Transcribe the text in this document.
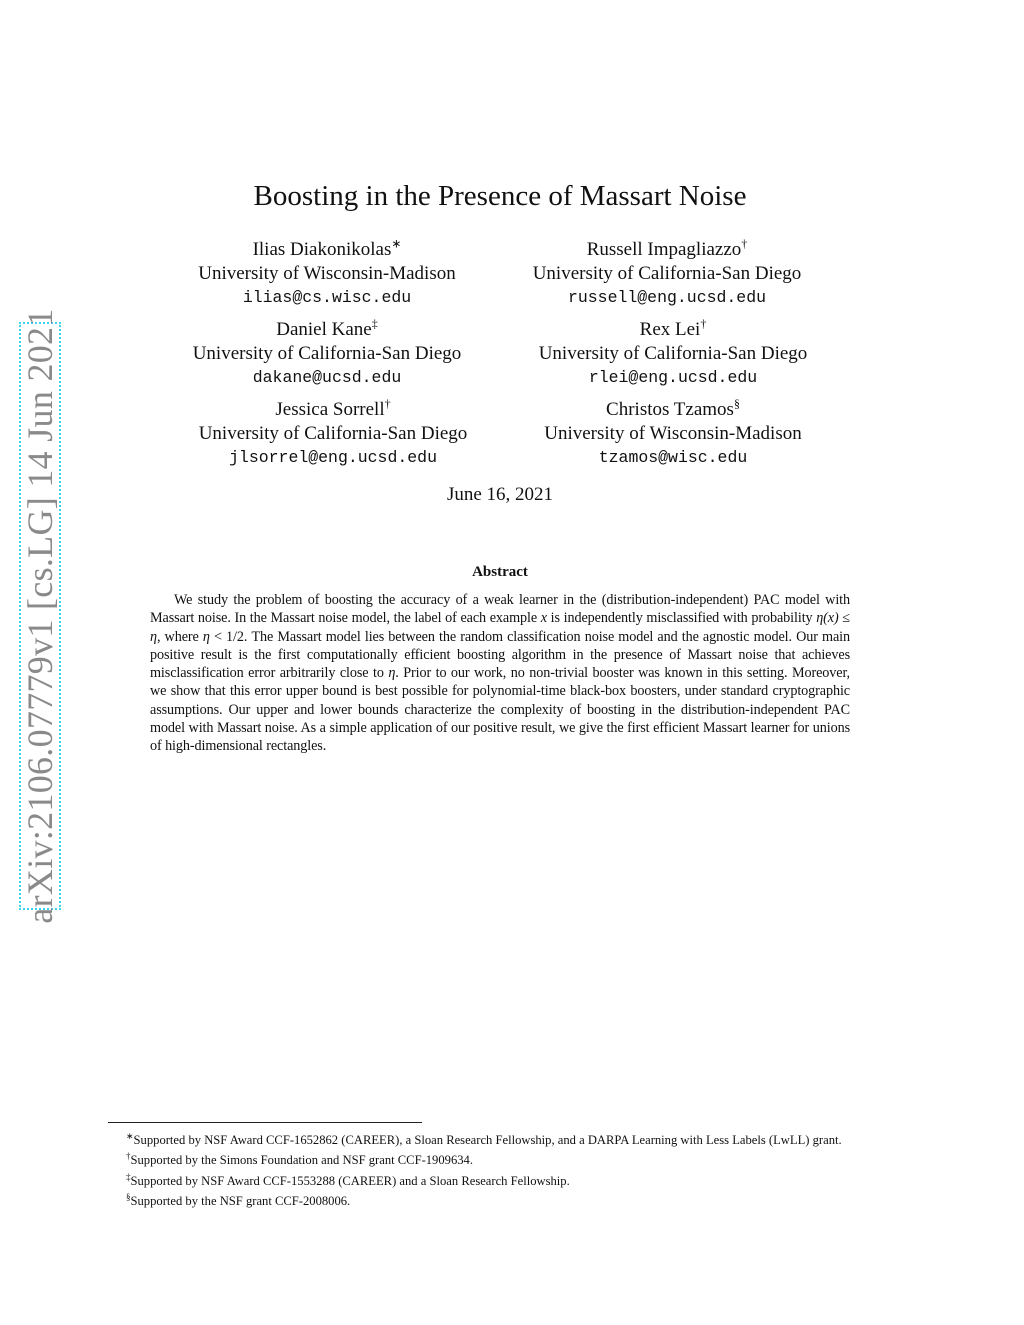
arXiv:2106.07779v1 [cs.LG] 14 Jun 2021
Boosting in the Presence of Massart Noise
Ilias Diakonikolas∗
University of Wisconsin-Madison
ilias@cs.wisc.edu
Russell Impagliazzo†
University of California-San Diego
russell@eng.ucsd.edu
Daniel Kane‡
University of California-San Diego
dakane@ucsd.edu
Rex Lei†
University of California-San Diego
rlei@eng.ucsd.edu
Jessica Sorrell†
University of California-San Diego
jlsorrel@eng.ucsd.edu
Christos Tzamos§
University of Wisconsin-Madison
tzamos@wisc.edu
June 16, 2021
Abstract
We study the problem of boosting the accuracy of a weak learner in the (distribution-independent) PAC model with Massart noise. In the Massart noise model, the label of each example x is independently misclassified with probability η(x) ≤ η, where η < 1/2. The Massart model lies between the random classification noise model and the agnostic model. Our main positive result is the first computationally efficient boosting algorithm in the presence of Massart noise that achieves misclassification error arbitrarily close to η. Prior to our work, no non-trivial booster was known in this setting. Moreover, we show that this error upper bound is best possible for polynomial-time black-box boosters, under standard cryptographic assumptions. Our upper and lower bounds characterize the complexity of boosting in the distribution-independent PAC model with Massart noise. As a simple application of our positive result, we give the first efficient Massart learner for unions of high-dimensional rectangles.

∗Supported by NSF Award CCF-1652862 (CAREER), a Sloan Research Fellowship, and a DARPA Learning with Less Labels (LwLL) grant.

†Supported by the Simons Foundation and NSF grant CCF-1909634.

‡Supported by NSF Award CCF-1553288 (CAREER) and a Sloan Research Fellowship.

§Supported by the NSF grant CCF-2008006.
